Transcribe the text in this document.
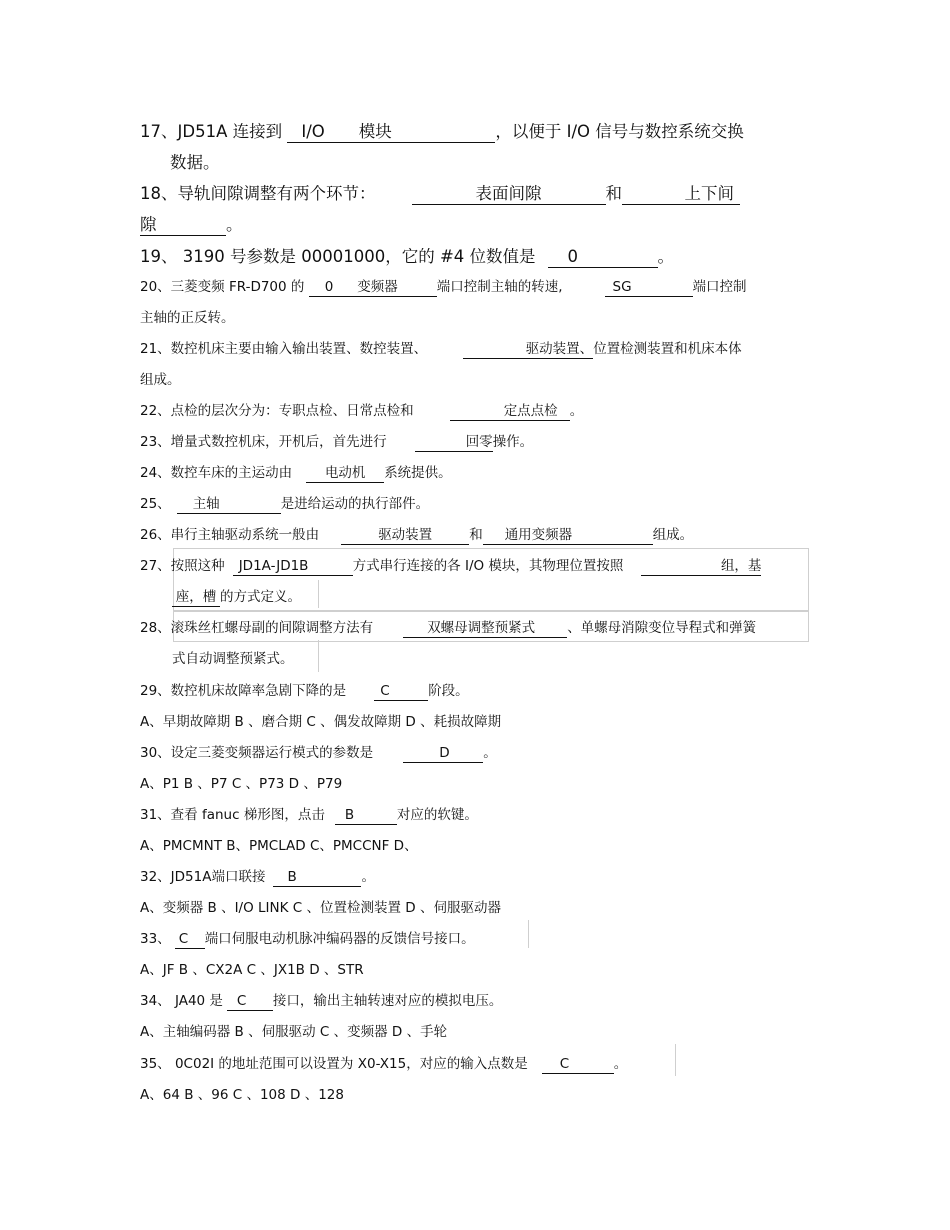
17、JD51A 连接到 I/O 模块	，以便于 I/O 信号与数控系统交换
数据。
18、导轨间隙调整有两个环节：	表面间隙	和	上下间
隙	。
19、 3190 号参数是 00001000，它的 #4 位数值是 0	。
20、三菱变频 FR-D700 的 0 变频器	端口控制主轴的转速,	SG	端口控制
主轴的正反转。
21、数控机床主要由输入输出装置、数控装置、	驱动装置、位置检测装置和机床本体
组成。
22、点检的层次分为：专职点检、日常点检和	定点点检 。
23、增量式数控机床，开机后，首先进行	回零操作。
24、数控车床的主运动由 电动机 系统提供。
25、 主轴	是进给运动的执行部件。
26、串行主轴驱动系统一般由	驱动装置	和 通用变频器	组成。
27、按照这种 JD1A-JD1B	方式串行连接的各 I/O 模块，其物理位置按照	组，基
座，槽 的方式定义。
28、滚珠丝杠螺母副的间隙调整方法有	双螺母调整预紧式 、单螺母消隙变位导程式和弹簧
式自动调整预紧式。
29、数控机床故障率急剧下降的是	C	阶段。
A、早期故障期 B 、磨合期 C 、偶发故障期 D 、耗损故障期
30、设定三菱变频器运行模式的参数是	D 。
A、P1 B 、P7 C 、P73 D 、P79
31、查看 fanuc 梯形图，点击 B	对应的软键。
A、PMCMNT B、PMCLAD C、PMCCNF D、
32、JD51A端口联接 B	。
A、变频器 B 、I/O LINK C 、位置检测装置 D 、伺服驱动器
33、 C 端口伺服电动机脉冲编码器的反馈信号接口。
A、JF B 、CX2A C 、JX1B D 、STR
34、 JA40 是 C 接口，输出主轴转速对应的模拟电压。
A、主轴编码器 B 、伺服驱动 C 、变频器 D 、手轮
35、 0C02I 的地址范围可以设置为 X0-X15，对应的输入点数是 C	。
A、64 B 、96 C 、108 D 、128
